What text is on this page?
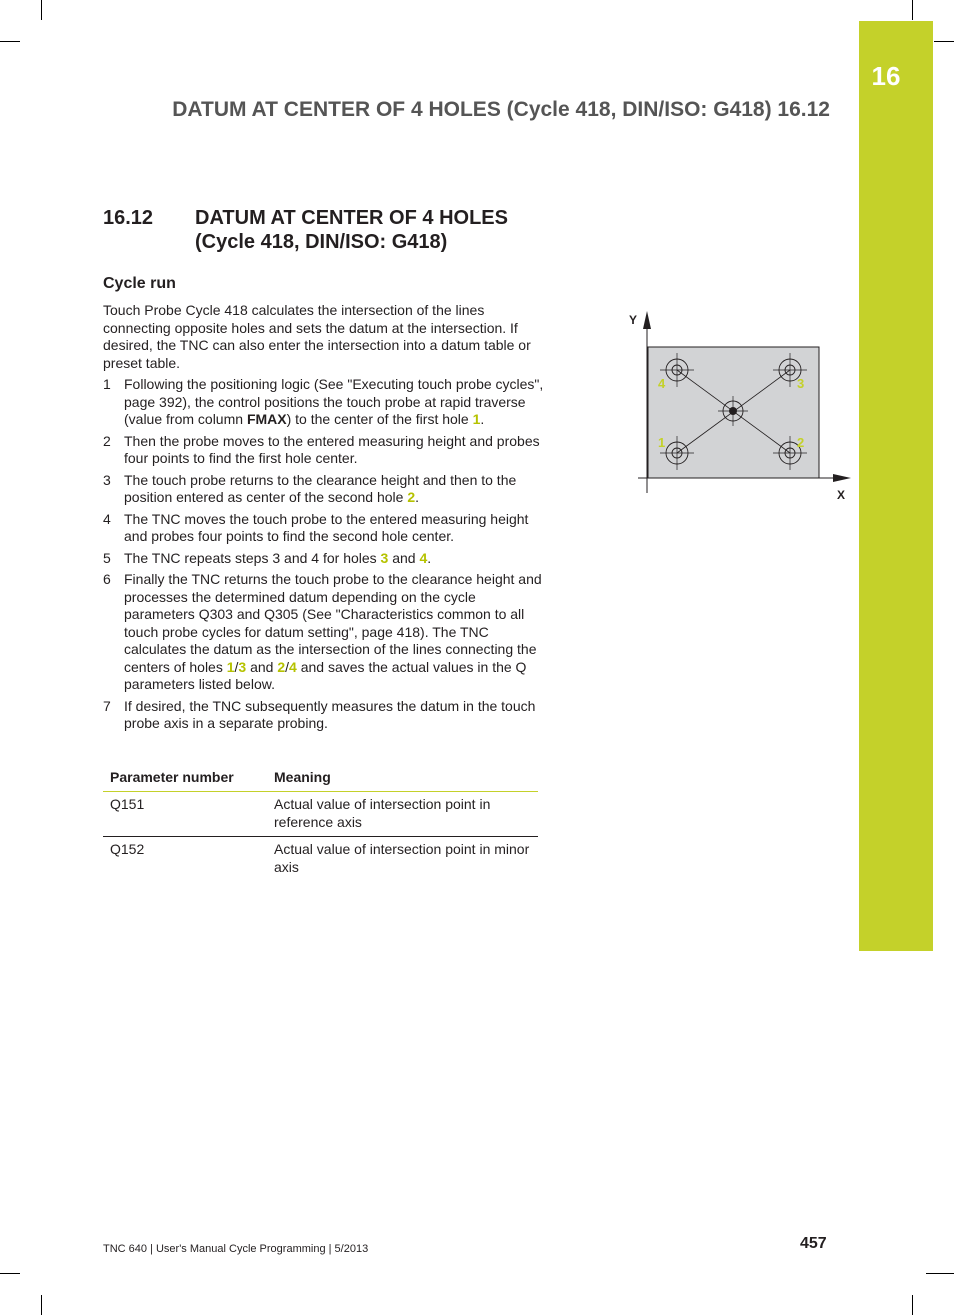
16
DATUM AT CENTER OF 4 HOLES (Cycle 418, DIN/ISO: G418) 16.12
16.12 DATUM AT CENTER OF 4 HOLES (Cycle 418, DIN/ISO: G418)
Cycle run
Touch Probe Cycle 418 calculates the intersection of the lines connecting opposite holes and sets the datum at the intersection. If desired, the TNC can also enter the intersection into a datum table or preset table.
1 Following the positioning logic (See "Executing touch probe cycles", page 392), the control positions the touch probe at rapid traverse (value from column FMAX) to the center of the first hole 1.
2 Then the probe moves to the entered measuring height and probes four points to find the first hole center.
3 The touch probe returns to the clearance height and then to the position entered as center of the second hole 2.
4 The TNC moves the touch probe to the entered measuring height and probes four points to find the second hole center.
5 The TNC repeats steps 3 and 4 for holes 3 and 4.
6 Finally the TNC returns the touch probe to the clearance height and processes the determined datum depending on the cycle parameters Q303 and Q305 (See "Characteristics common to all touch probe cycles for datum setting", page 418). The TNC calculates the datum as the intersection of the lines connecting the centers of holes 1/3 and 2/4 and saves the actual values in the Q parameters listed below.
7 If desired, the TNC subsequently measures the datum in the touch probe axis in a separate probing.
Parameter number	Meaning
Q151	Actual value of intersection point in reference axis
Q152	Actual value of intersection point in minor axis
Y
X
4	3
1	2
TNC 640 | User's Manual Cycle Programming | 5/2013	457
